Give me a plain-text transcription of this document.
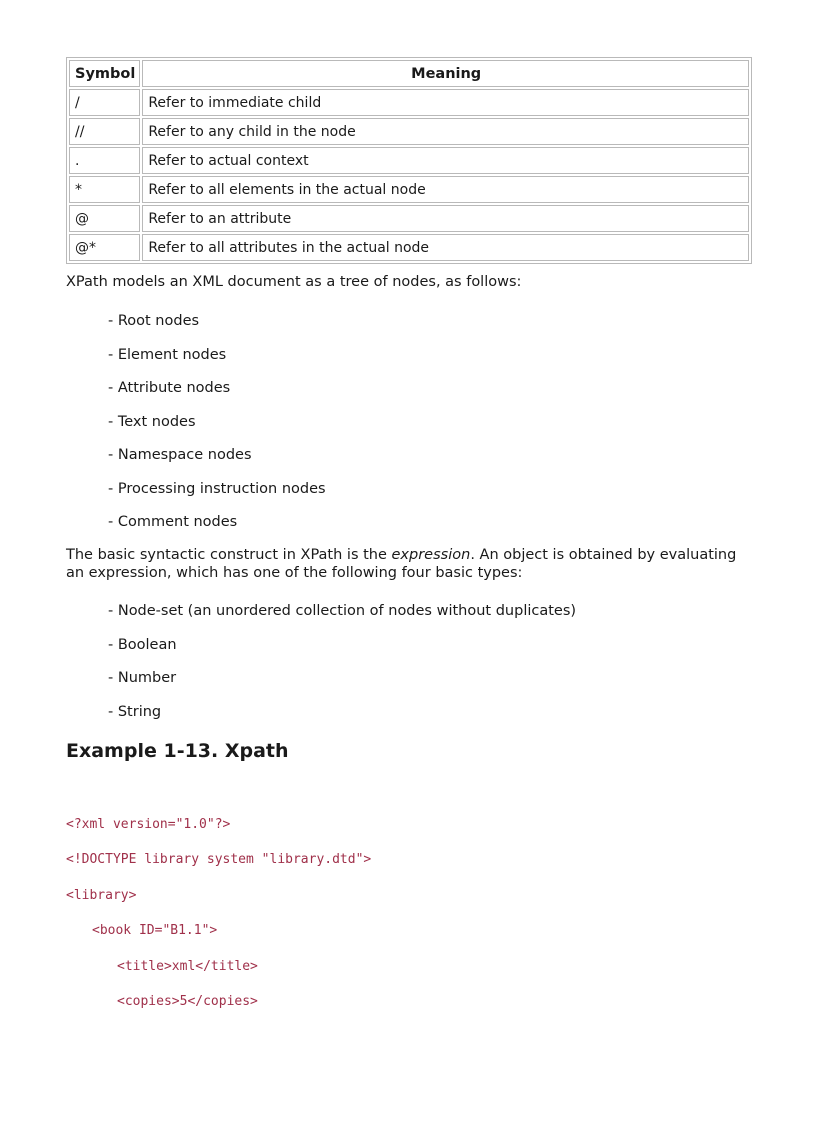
Symbol	Meaning
/	Refer to immediate child
//	Refer to any child in the node
.	Refer to actual context
*	Refer to all elements in the actual node
@	Refer to an attribute
@*	Refer to all attributes in the actual node

XPath models an XML document as a tree of nodes, as follows:

- Root nodes
- Element nodes
- Attribute nodes
- Text nodes
- Namespace nodes
- Processing instruction nodes
- Comment nodes

The basic syntactic construct in XPath is the expression. An object is obtained by evaluating an expression, which has one of the following four basic types:

- Node-set (an unordered collection of nodes without duplicates)
- Boolean
- Number
- String
Example 1-13. Xpath
<?xml version="1.0"?>
<!DOCTYPE library system "library.dtd">
<library>
<book ID="B1.1">
<title>xml</title>
<copies>5</copies>
